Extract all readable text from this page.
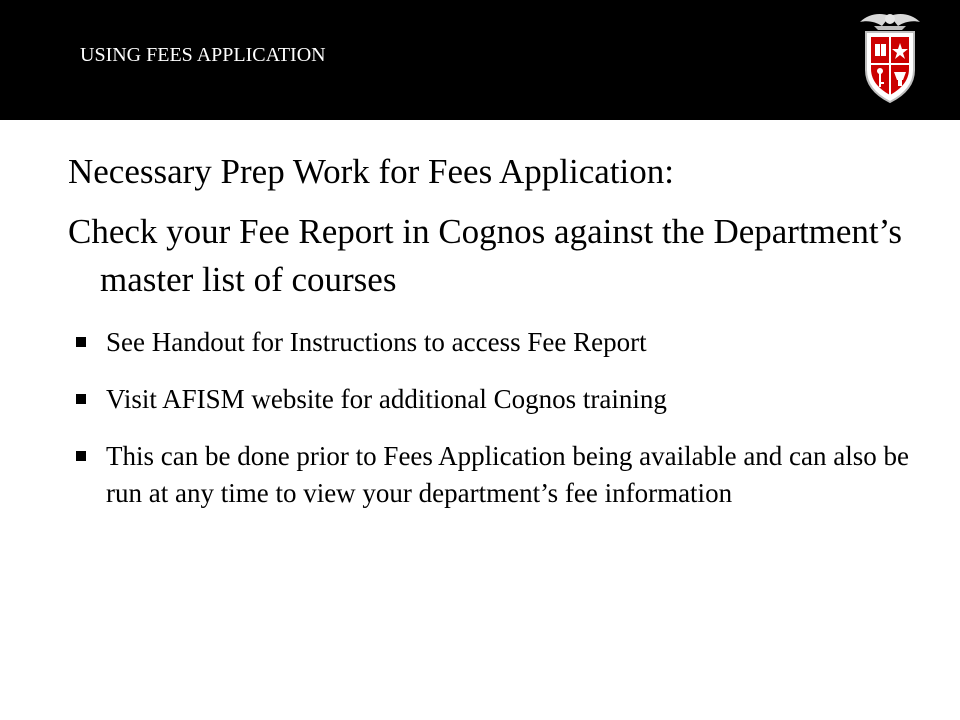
USING FEES APPLICATION
Necessary Prep Work for Fees Application:
Check your Fee Report in Cognos against the Department’s master list of courses
See Handout for Instructions to access Fee Report
Visit AFISM website for additional Cognos training
This can be done prior to Fees Application being available and can also be run at any time to view your department’s fee information
